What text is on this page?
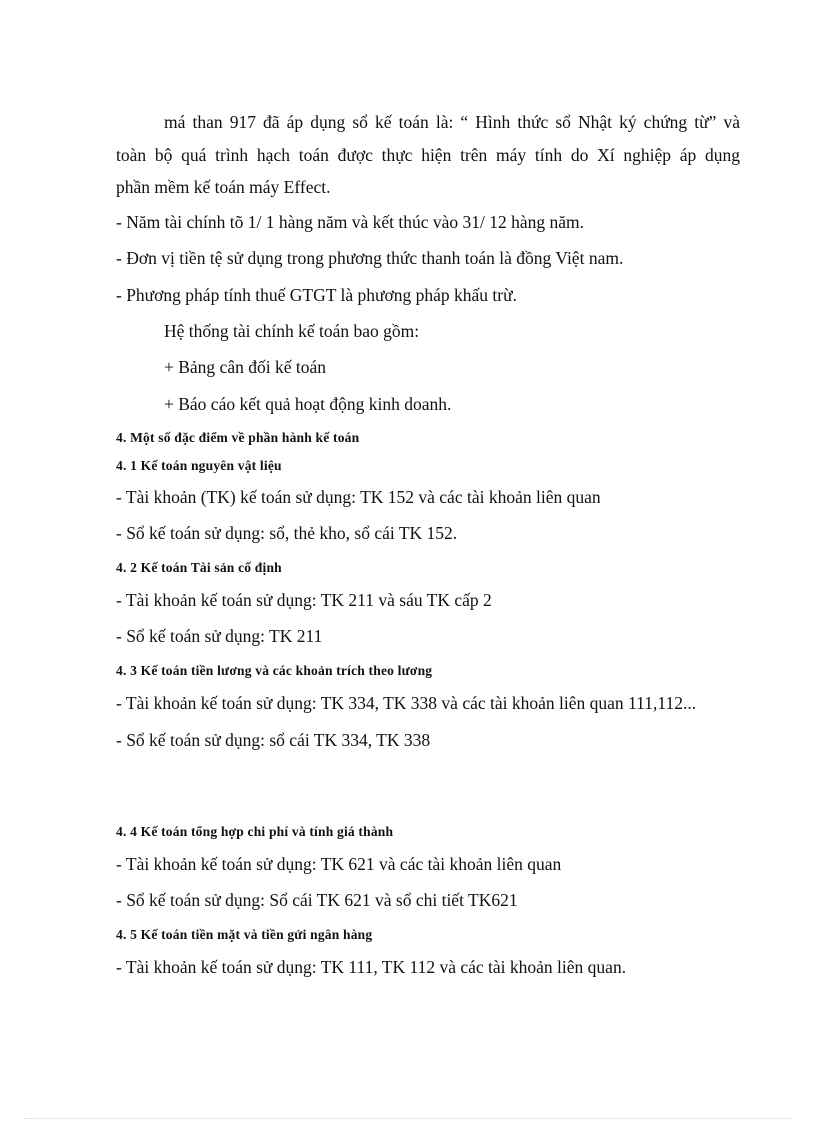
má than 917 đã áp dụng sổ kế toán là: “ Hình thức sổ Nhật ký chứng từ” và
toàn bộ quá trình hạch toán được thực hiện trên máy tính do Xí nghiệp áp dụng
phần mềm kế toán máy Effect.
- Năm tài chính tõ 1/ 1 hàng năm và kết thúc vào 31/ 12 hàng năm.
- Đơn vị tiền tệ sử dụng trong phương thức thanh toán là đồng Việt nam.
- Phương pháp tính thuế GTGT là phương pháp khấu trừ.
Hệ thống tài chính kế toán bao gồm:
+ Bảng cân đối kế toán
+ Báo cáo kết quả hoạt động kinh doanh.
4. Một số đặc điểm về phần hành kế toán
4. 1 Kế toán nguyên vật liệu
- Tài khoản (TK) kế toán sử dụng: TK 152 và các tài khoản liên quan
- Sổ kế toán sử dụng: sổ, thẻ kho, sổ cái TK 152.
4. 2 Kế toán Tài sản cố định
- Tài khoản kế toán sử dụng: TK 211 và sáu TK cấp 2
- Sổ kế toán sử dụng: TK 211
4. 3 Kế toán tiền lương và các khoản trích theo lương
- Tài khoản kế toán sử dụng: TK 334, TK 338 và các tài khoản liên quan 111,112...
- Sổ kế toán sử dụng: sổ cái TK 334, TK 338
4. 4 Kế toán tổng hợp chi phí và tính giá thành
- Tài khoản kế toán sử dụng: TK 621 và các tài khoản liên quan
- Sổ kế toán sử dụng: Sổ cái TK 621 và sổ chi tiết TK621
4. 5 Kế toán tiền mặt và tiền gửi ngân hàng
- Tài khoản kế toán sử dụng: TK 111, TK 112 và các tài khoản liên quan.
